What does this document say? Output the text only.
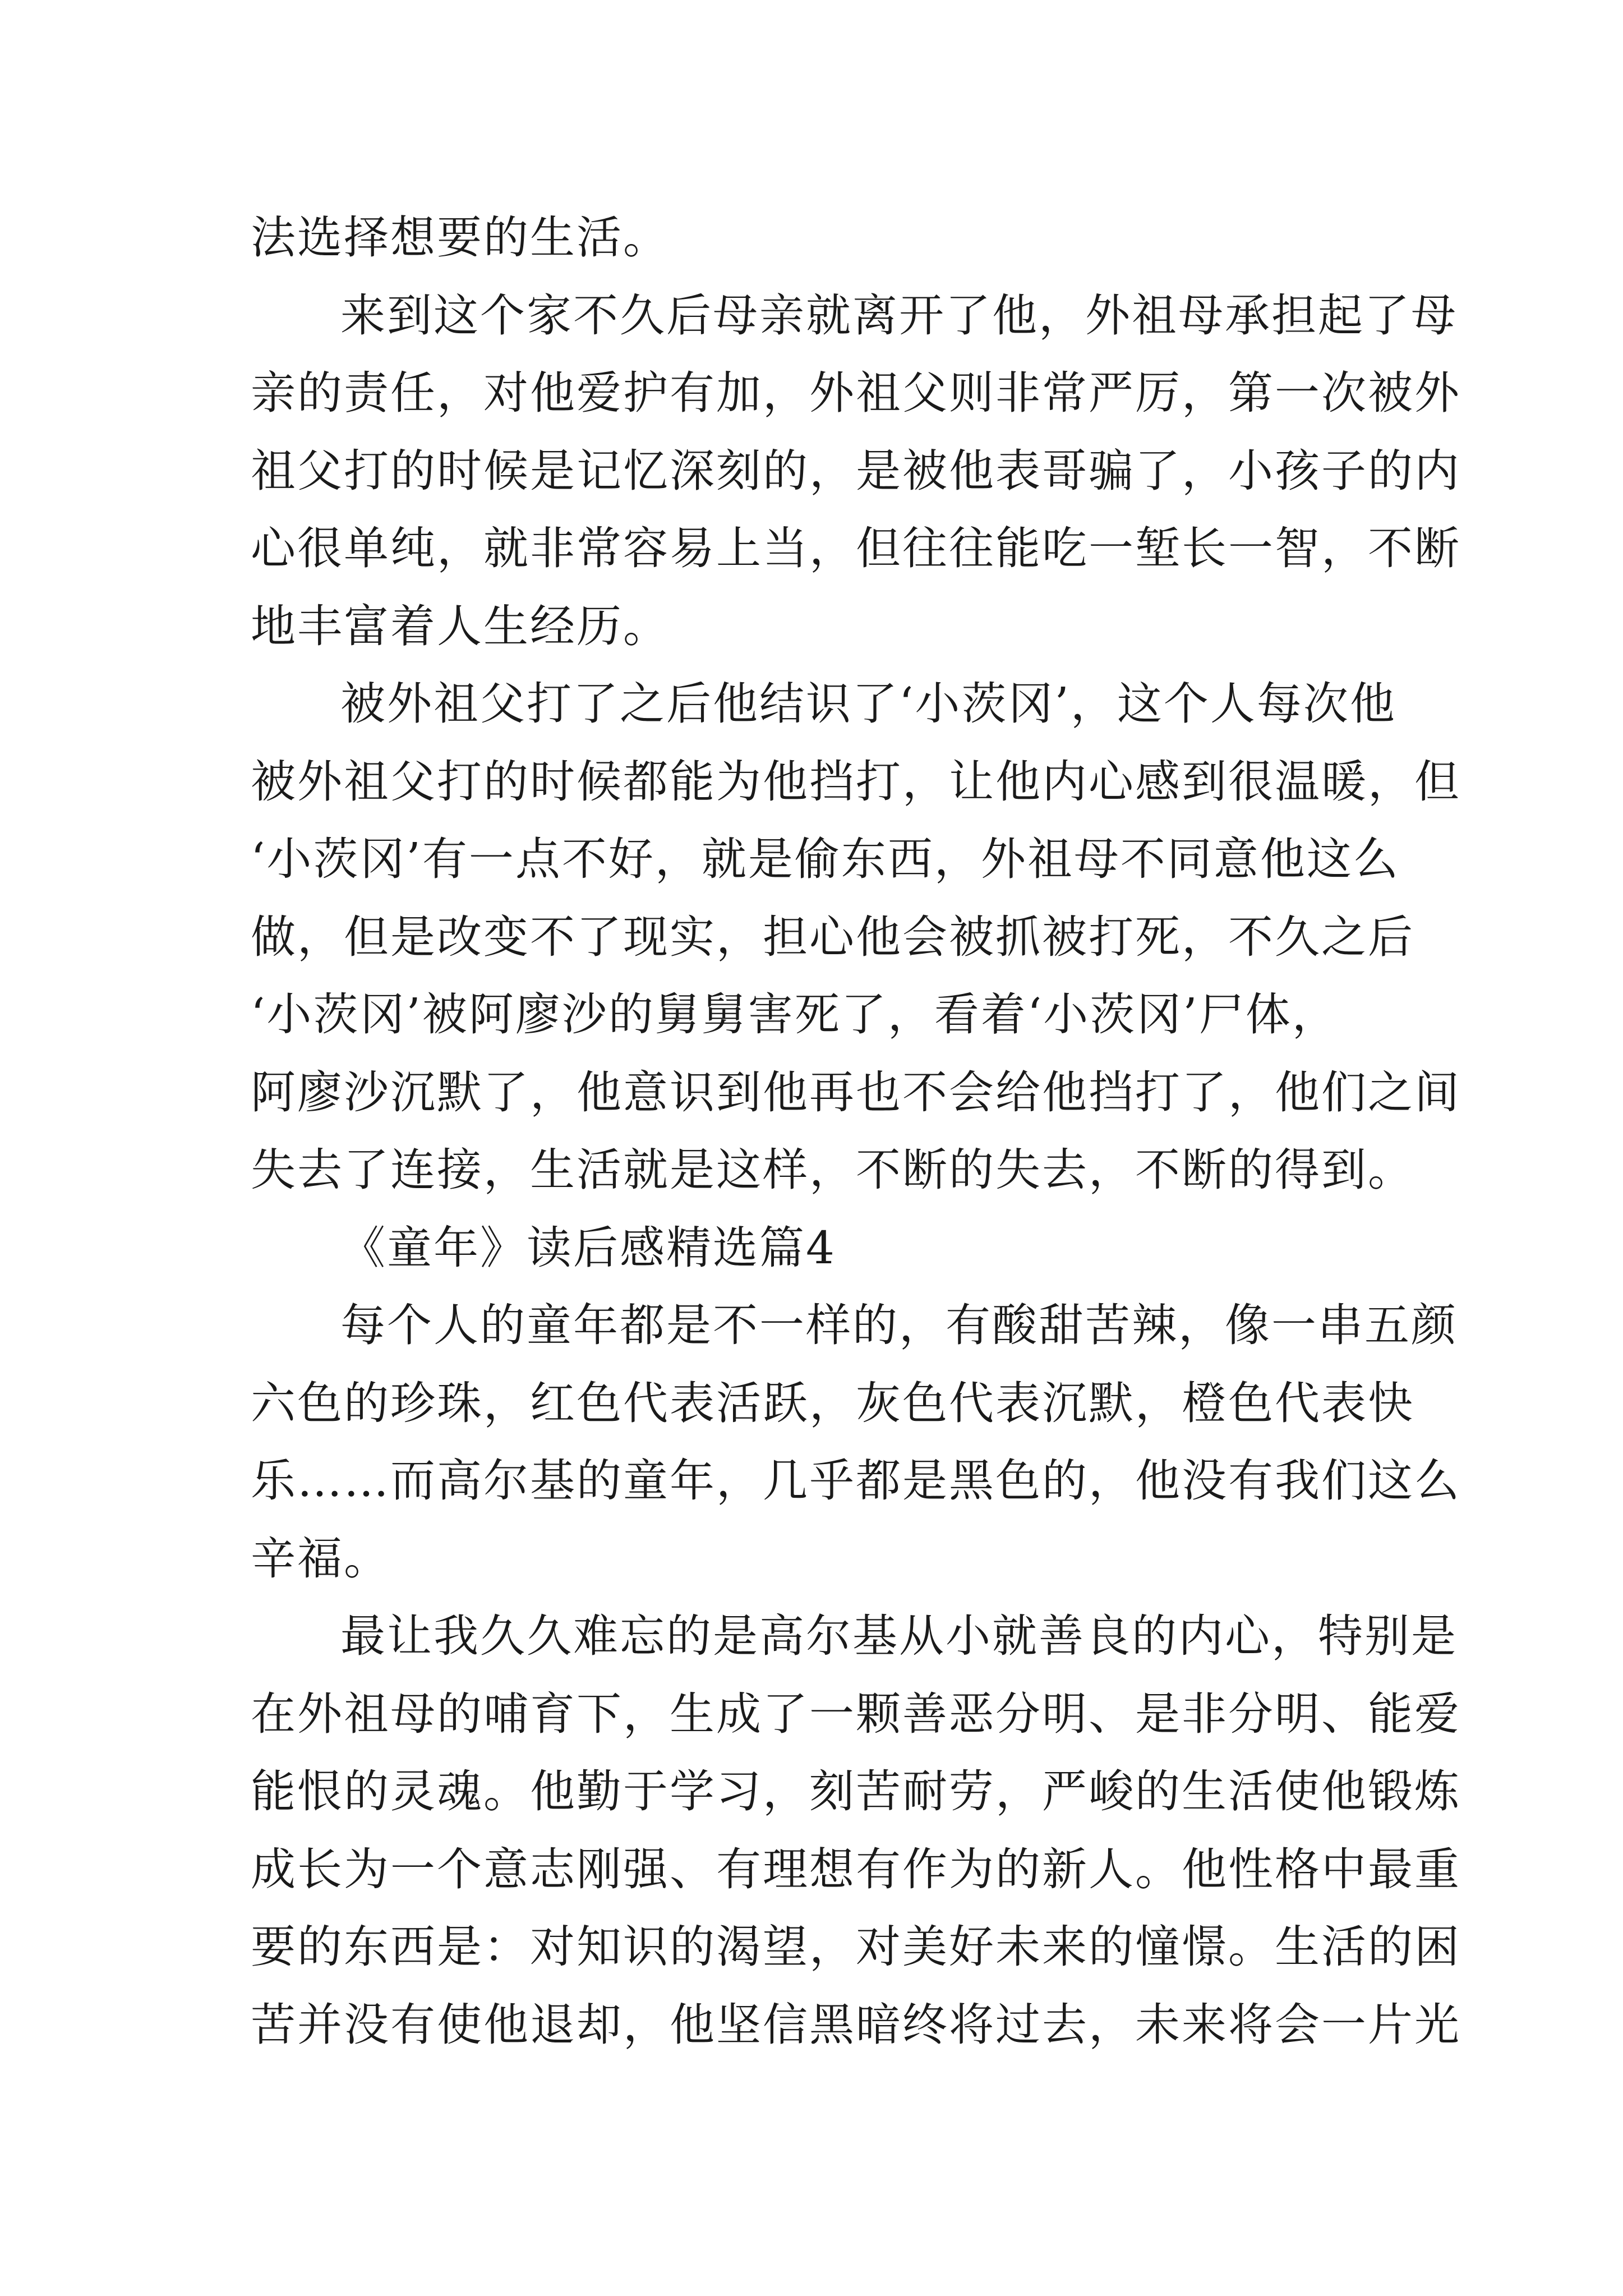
法选择想要的生活。
来到这个家不久后母亲就离开了他，外祖母承担起了母
亲的责任，对他爱护有加，外祖父则非常严厉，第一次被外
祖父打的时候是记忆深刻的，是被他表哥骗了，小孩子的内
心很单纯，就非常容易上当，但往往能吃一堑长一智，不断
地丰富着人生经历。
被外祖父打了之后他结识了‘小茨冈’，这个人每次他
被外祖父打的时候都能为他挡打，让他内心感到很温暖，但
‘小茨冈’有一点不好，就是偷东西，外祖母不同意他这么
做，但是改变不了现实，担心他会被抓被打死，不久之后
‘小茨冈’被阿廖沙的舅舅害死了，看着‘小茨冈’尸体，
阿廖沙沉默了，他意识到他再也不会给他挡打了，他们之间
失去了连接，生活就是这样，不断的失去，不断的得到。
《童年》读后感精选篇4
每个人的童年都是不一样的，有酸甜苦辣，像一串五颜
六色的珍珠，红色代表活跃，灰色代表沉默，橙色代表快
乐……而高尔基的童年，几乎都是黑色的，他没有我们这么
辛福。
最让我久久难忘的是高尔基从小就善良的内心，特别是
在外祖母的哺育下，生成了一颗善恶分明、是非分明、能爱
能恨的灵魂。他勤于学习，刻苦耐劳，严峻的生活使他锻炼
成长为一个意志刚强、有理想有作为的新人。他性格中最重
要的东西是：对知识的渴望，对美好未来的憧憬。生活的困
苦并没有使他退却，他坚信黑暗终将过去，未来将会一片光
